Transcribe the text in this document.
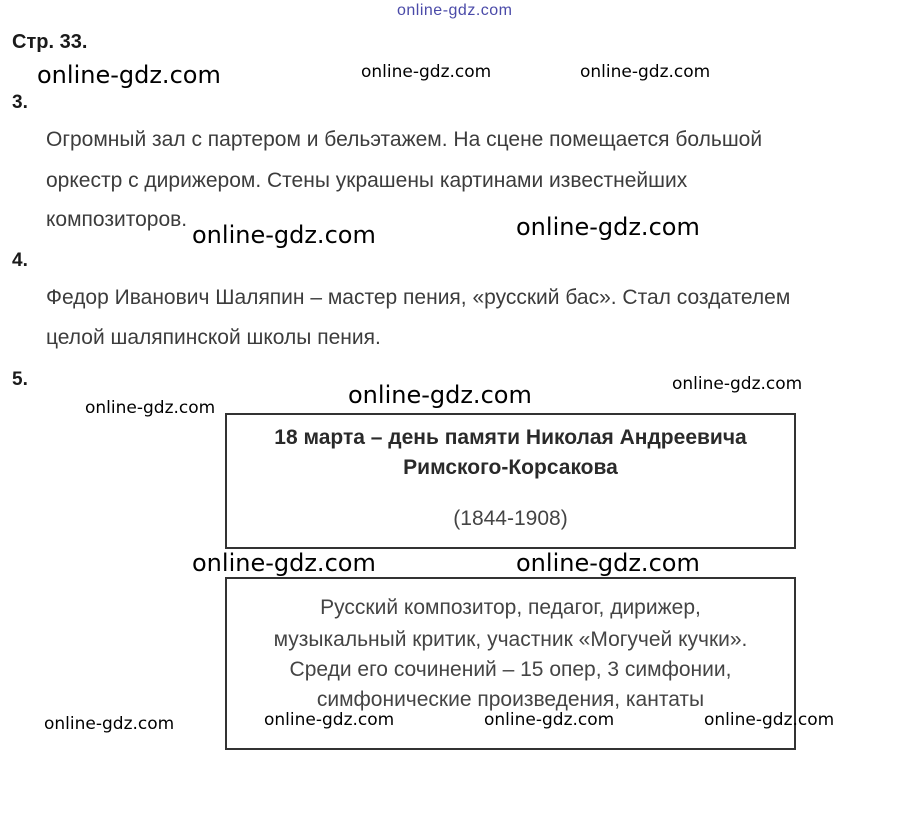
online-gdz.com
Стр. 33.
3.
Огромный зал с партером и бельэтажем. На сцене помещается большой
оркестр с дирижером. Стены украшены картинами известнейших
композиторов.
4.
Федор Иванович Шаляпин – мастер пения, «русский бас». Стал создателем
целой шаляпинской школы пения.
5.
18 марта – день памяти Николая Андреевича
Римского-Корсакова
(1844-1908)
Русский композитор, педагог, дирижер,
музыкальный критик, участник «Могучей кучки».
Среди его сочинений – 15 опер, 3 симфонии,
симфонические произведения, кантаты
online-gdz.com	online-gdz.com	online-gdz.com
online-gdz.com	online-gdz.com
online-gdz.com	online-gdz.com
online-gdz.com
online-gdz.com	online-gdz.com
online-gdz.com	online-gdz.com	online-gdz.com	online-gdz.com
